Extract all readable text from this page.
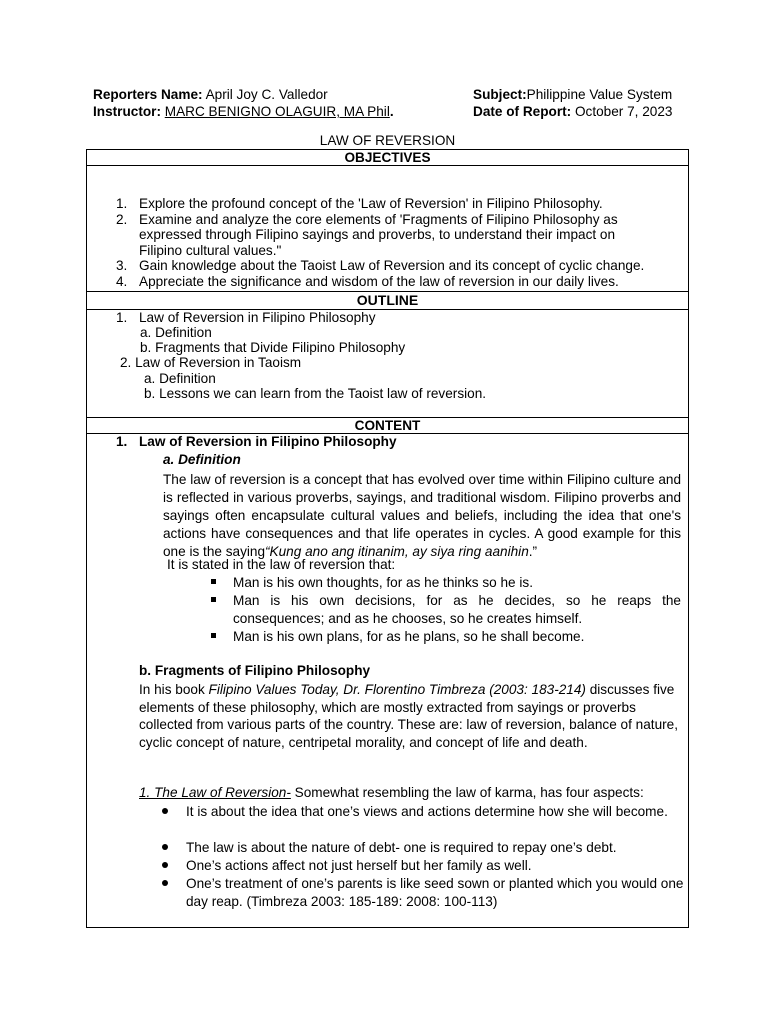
Reporters Name: April Joy C. Valledor	Subject:Philippine Value System
Instructor: MARC BENIGNO OLAGUIR, MA Phil.	Date of Report: October 7, 2023
LAW OF REVERSION
OBJECTIVES
1. Explore the profound concept of the 'Law of Reversion' in Filipino Philosophy.
2. Examine and analyze the core elements of 'Fragments of Filipino Philosophy as expressed through Filipino sayings and proverbs, to understand their impact on Filipino cultural values."
3. Gain knowledge about the Taoist Law of Reversion and its concept of cyclic change.
4. Appreciate the significance and wisdom of the law of reversion in our daily lives.
OUTLINE
1. Law of Reversion in Filipino Philosophy
a. Definition
b. Fragments that Divide Filipino Philosophy
2. Law of Reversion in Taoism
a. Definition
b. Lessons we can learn from the Taoist law of reversion.
CONTENT
1. Law of Reversion in Filipino Philosophy
a. Definition
The law of reversion is a concept that has evolved over time within Filipino culture and is reflected in various proverbs, sayings, and traditional wisdom. Filipino proverbs and sayings often encapsulate cultural values and beliefs, including the idea that one's actions have consequences and that life operates in cycles. A good example for this one is the saying“Kung ano ang itinanim, ay siya ring aanihin.”
It is stated in the law of reversion that:
Man is his own thoughts, for as he thinks so he is.
Man is his own decisions, for as he decides, so he reaps the consequences; and as he chooses, so he creates himself.
Man is his own plans, for as he plans, so he shall become.
b. Fragments of Filipino Philosophy
In his book Filipino Values Today, Dr. Florentino Timbreza (2003: 183-214) discusses five elements of these philosophy, which are mostly extracted from sayings or proverbs collected from various parts of the country. These are: law of reversion, balance of nature, cyclic concept of nature, centripetal morality, and concept of life and death.
1. The Law of Reversion- Somewhat resembling the law of karma, has four aspects:
It is about the idea that one’s views and actions determine how she will become.
The law is about the nature of debt- one is required to repay one’s debt.
One’s actions affect not just herself but her family as well.
One’s treatment of one’s parents is like seed sown or planted which you would one day reap. (Timbreza 2003: 185-189: 2008: 100-113)
